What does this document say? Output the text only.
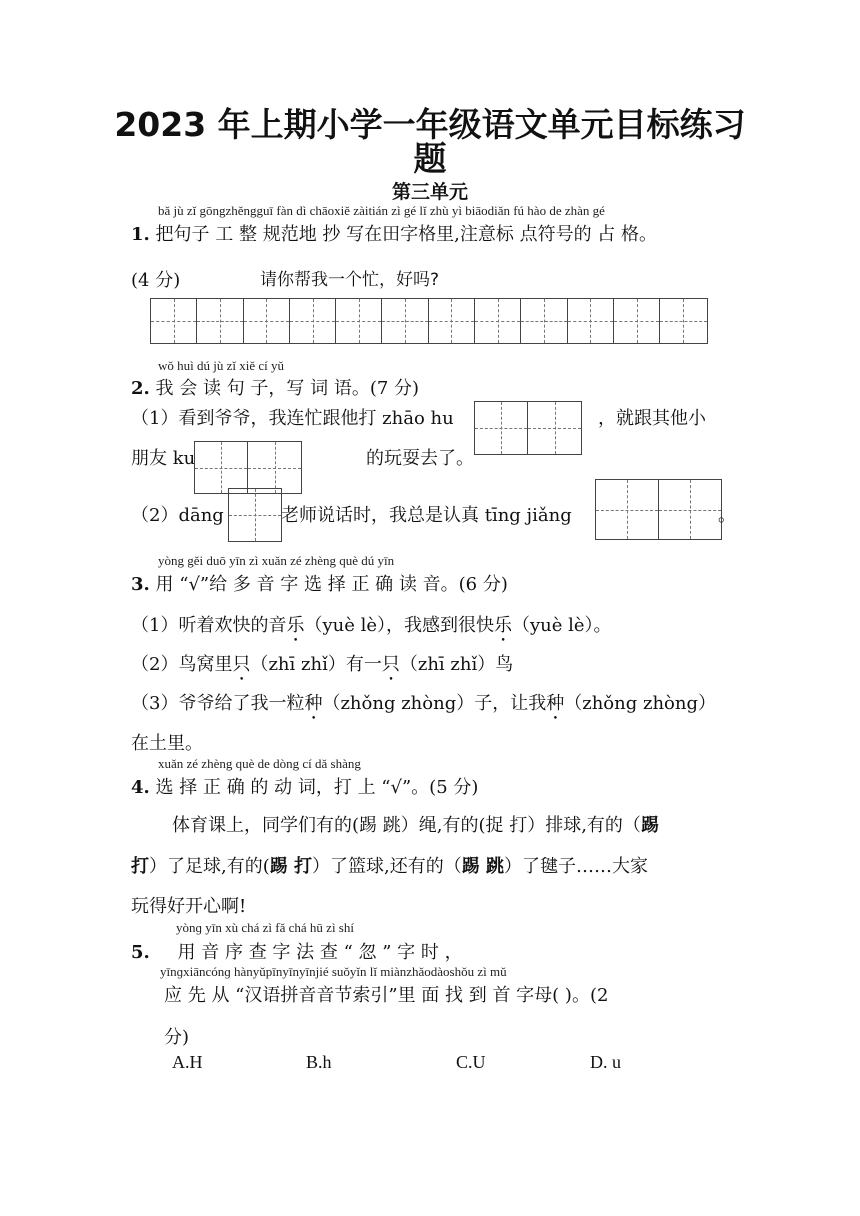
2023 年上期小学一年级语文单元目标练习
题
第三单元
bǎ jù zǐ gōngzhěngguī fàn dì chāoxiě zàitián zì gé lǐ zhù yì biāodiǎn fú hào de zhàn gé
1. 把句子 工 整 规范地 抄 写在田字格里,注意标 点符号的 占 格。
(4 分)	请你帮我一个忙，好吗?
wǒ huì dú jù zǐ xiě cí yǔ
2. 我 会 读 句 子，写 词 语。(7 分)
（1）看到爷爷，我连忙跟他打 zhāo hu	，就跟其他小
朋友 ku	的玩耍去了。
（2）dāng	老师说话时，我总是认真 tīng jiǎng	。
yòng gěi duō yīn zì xuǎn zé zhèng què dú yīn
3. 用 “√”给 多 音 字 选 择 正 确 读 音。(6 分)
（1）听着欢快的音乐（yuè lè），我感到很快乐（yuè lè）。
（2）鸟窝里只（zhī zhǐ）有一只（zhī zhǐ）鸟
（3）爷爷给了我一粒种（zhǒng zhòng）子，让我种（zhǒng zhòng）
在土里。
xuǎn zé zhèng què de dòng cí dǎ shàng
4. 选 择 正 确 的 动 词，打 上 “√”。(5 分)
体育课上，同学们有的(踢 跳）绳,有的(捉 打）排球,有的（踢
打）了足球,有的(踢 打）了篮球,还有的（踢 跳）了毽子……大家
玩得好开心啊!
yònɡ yīn xù chá zì fǎ chá hū zì shí
5. 用 音 序 查 字 法 查 “ 忽 ” 字 时 ，
yīnɡxiāncónɡ hànyǔpīnyīnyīnjié suǒyǐn lǐ miànzhǎodàoshǒu zì mǔ
应 先 从 “汉语拼音音节索引”里 面 找 到 首 字母( )。(2
分)
A.H	B.h	C.U	D. u
